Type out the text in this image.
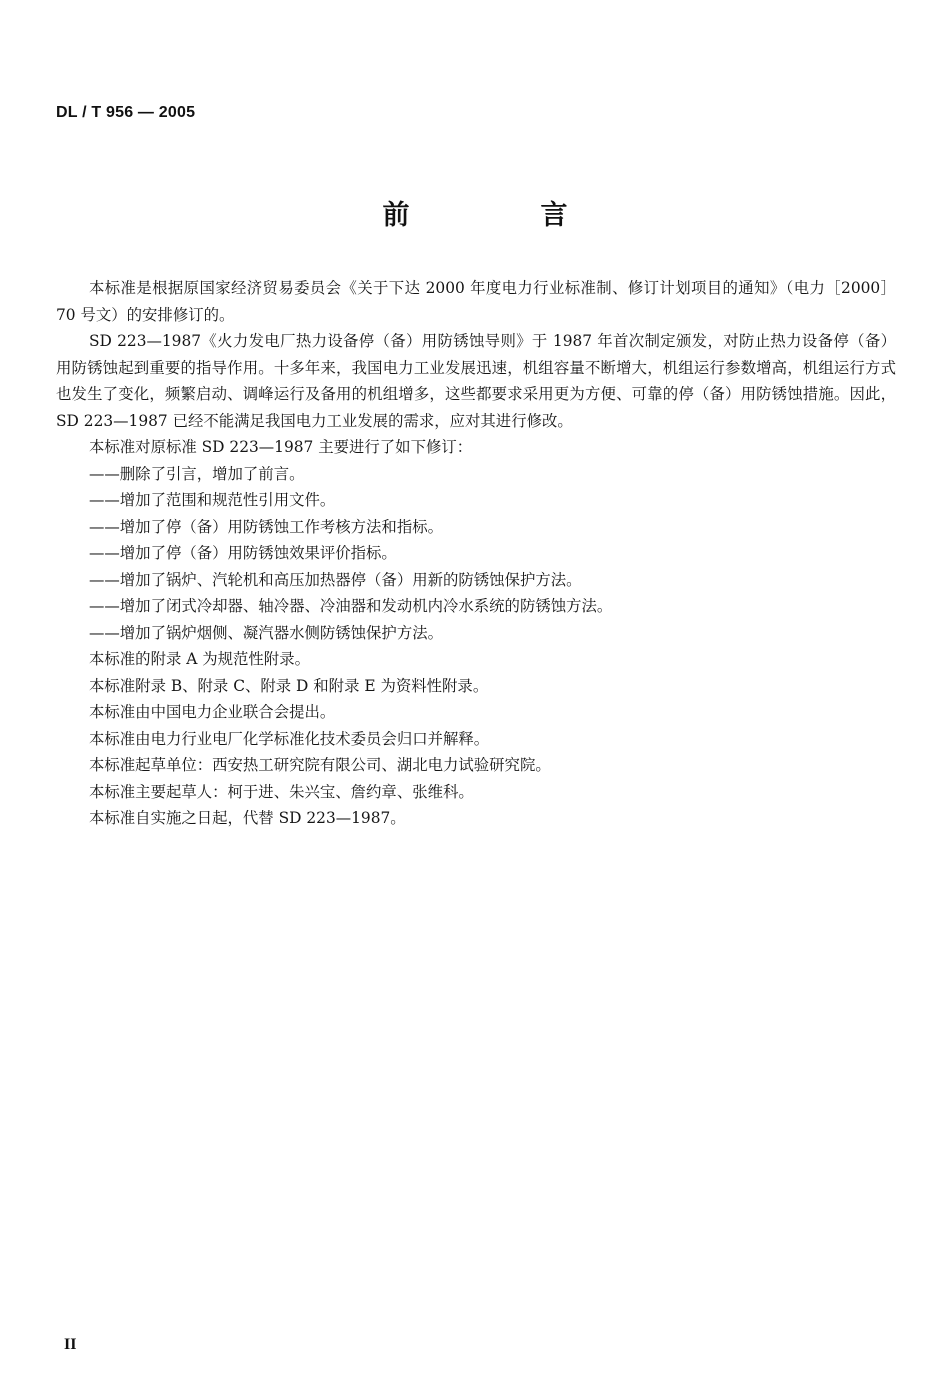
DL / T 956 — 2005
前　言

本标准是根据原国家经济贸易委员会《关于下达 2000 年度电力行业标准制、修订计划项目的通知》（电力［2000］70 号文）的安排修订的。

SD 223—1987《火力发电厂热力设备停（备）用防锈蚀导则》于 1987 年首次制定颁发，对防止热力设备停（备）用防锈蚀起到重要的指导作用。十多年来，我国电力工业发展迅速，机组容量不断增大，机组运行参数增高，机组运行方式也发生了变化，频繁启动、调峰运行及备用的机组增多，这些都要求采用更为方便、可靠的停（备）用防锈蚀措施。因此，SD 223—1987 已经不能满足我国电力工业发展的需求，应对其进行修改。

本标准对原标准 SD 223—1987 主要进行了如下修订：

——删除了引言，增加了前言。

——增加了范围和规范性引用文件。

——增加了停（备）用防锈蚀工作考核方法和指标。

——增加了停（备）用防锈蚀效果评价指标。

——增加了锅炉、汽轮机和高压加热器停（备）用新的防锈蚀保护方法。

——增加了闭式冷却器、轴冷器、冷油器和发动机内冷水系统的防锈蚀方法。

——增加了锅炉烟侧、凝汽器水侧防锈蚀保护方法。

本标准的附录 A 为规范性附录。

本标准附录 B、附录 C、附录 D 和附录 E 为资料性附录。

本标准由中国电力企业联合会提出。

本标准由电力行业电厂化学标准化技术委员会归口并解释。

本标准起草单位：西安热工研究院有限公司、湖北电力试验研究院。

本标准主要起草人：柯于进、朱兴宝、詹约章、张维科。

本标准自实施之日起，代替 SD 223—1987。

II
